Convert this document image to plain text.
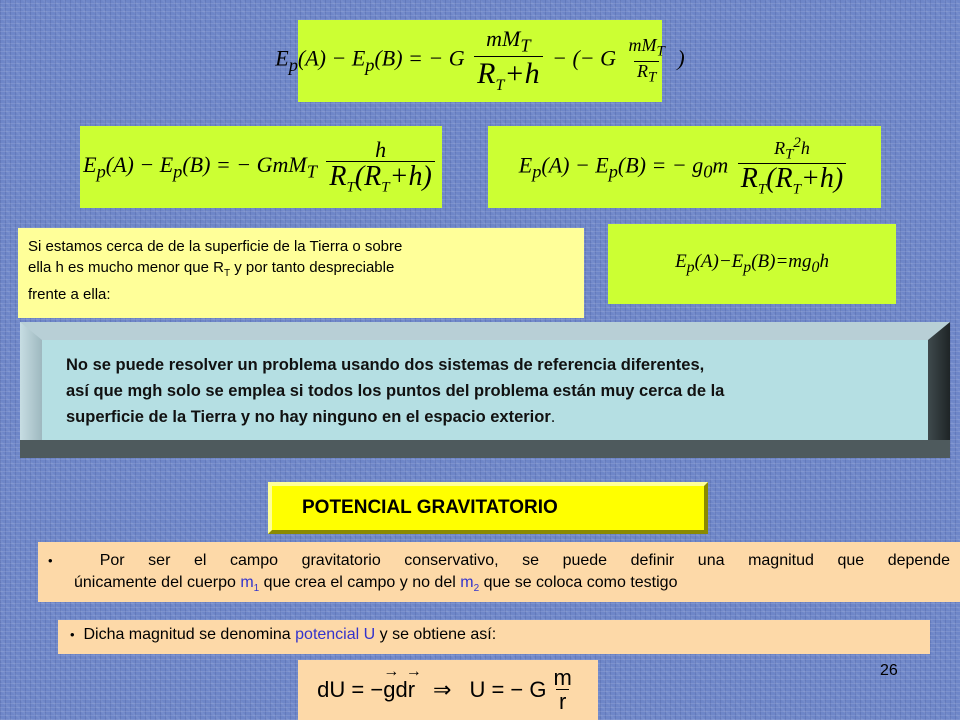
$E_p(A) - E_p(B)$ = − G $\frac{mM_T}{R_T+h}$ − (− G $\frac{mM_T}{R_T}$ )
$E_p(A) - E_p(B)$ = − $GmM_T \frac{h}{R_T(R_T+h)}$	$E_p(A) - E_p(B)$ = − $g_0m \frac{R_T^2h}{R_T(R_T+h)}$
Si estamos cerca de de la superficie de la Tierra o sobre
ella h es mucho menor que $R_T$ y por tanto despreciable
frente a ella:
$E_p(A)-E_p(B)=mg_0h$
No se puede resolver un problema usando dos sistemas de referencia diferentes,
así que mgh solo se emplea si todos los puntos del problema están muy cerca de la
superficie de la Tierra y no hay ninguno en el espacio exterior.
POTENCIAL GRAVITATORIO
•	Por ser el campo gravitatorio conservativo, se puede definir una magnitud que depende
únicamente del cuerpo $m_1$ que crea el campo y no del $m_2$ que se coloca como testigo
• Dicha magnitud se denomina potencial U y se obtiene así:
dU = −
→
g d
→
r ⇒ U = − G $\frac{m}{r}$	26
